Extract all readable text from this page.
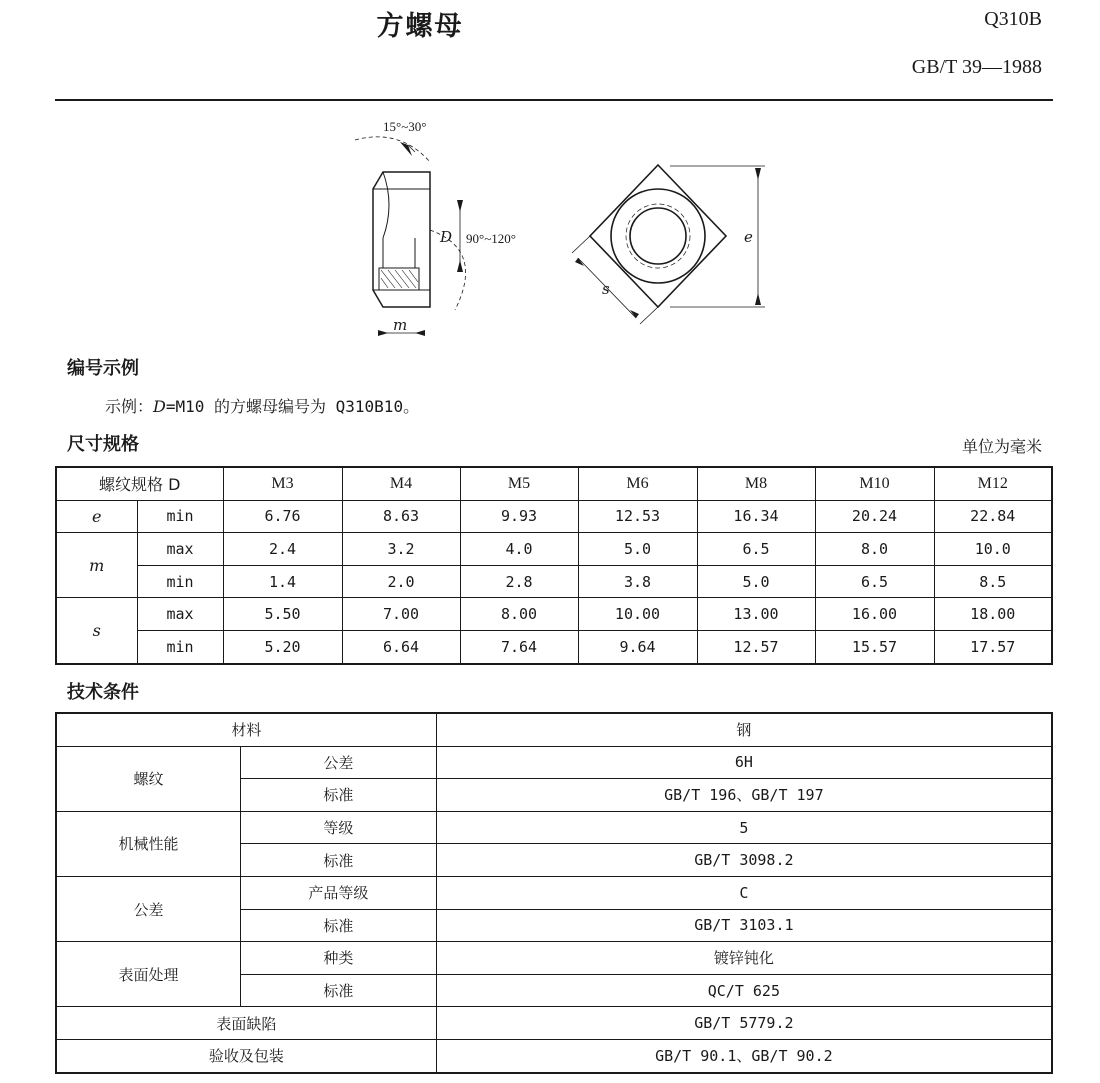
方螺母	Q310B
GB/T 39—1988
15°~30°
90°~120°
D
m
s
e
编号示例
示例：D=M10 的方螺母编号为 Q310B10。
尺寸规格	单位为毫米
螺纹规格 D		M3	M4	M5	M6	M8	M10	M12
e	min	6.76	8.63	9.93	12.53	16.34	20.24	22.84
m	max	2.4	3.2	4.0	5.0	6.5	8.0	10.0
	min	1.4	2.0	2.8	3.8	5.0	6.5	8.5
s	max	5.50	7.00	8.00	10.00	13.00	16.00	18.00
	min	5.20	6.64	7.64	9.64	12.57	15.57	17.57
技术条件
材料		钢
螺纹	公差	6H
	标准	GB/T 196、GB/T 197
机械性能	等级	5
	标准	GB/T 3098.2
公差	产品等级	C
	标准	GB/T 3103.1
表面处理	种类	镀锌钝化
	标准	QC/T 625
表面缺陷		GB/T 5779.2
验收及包装		GB/T 90.1、GB/T 90.2
